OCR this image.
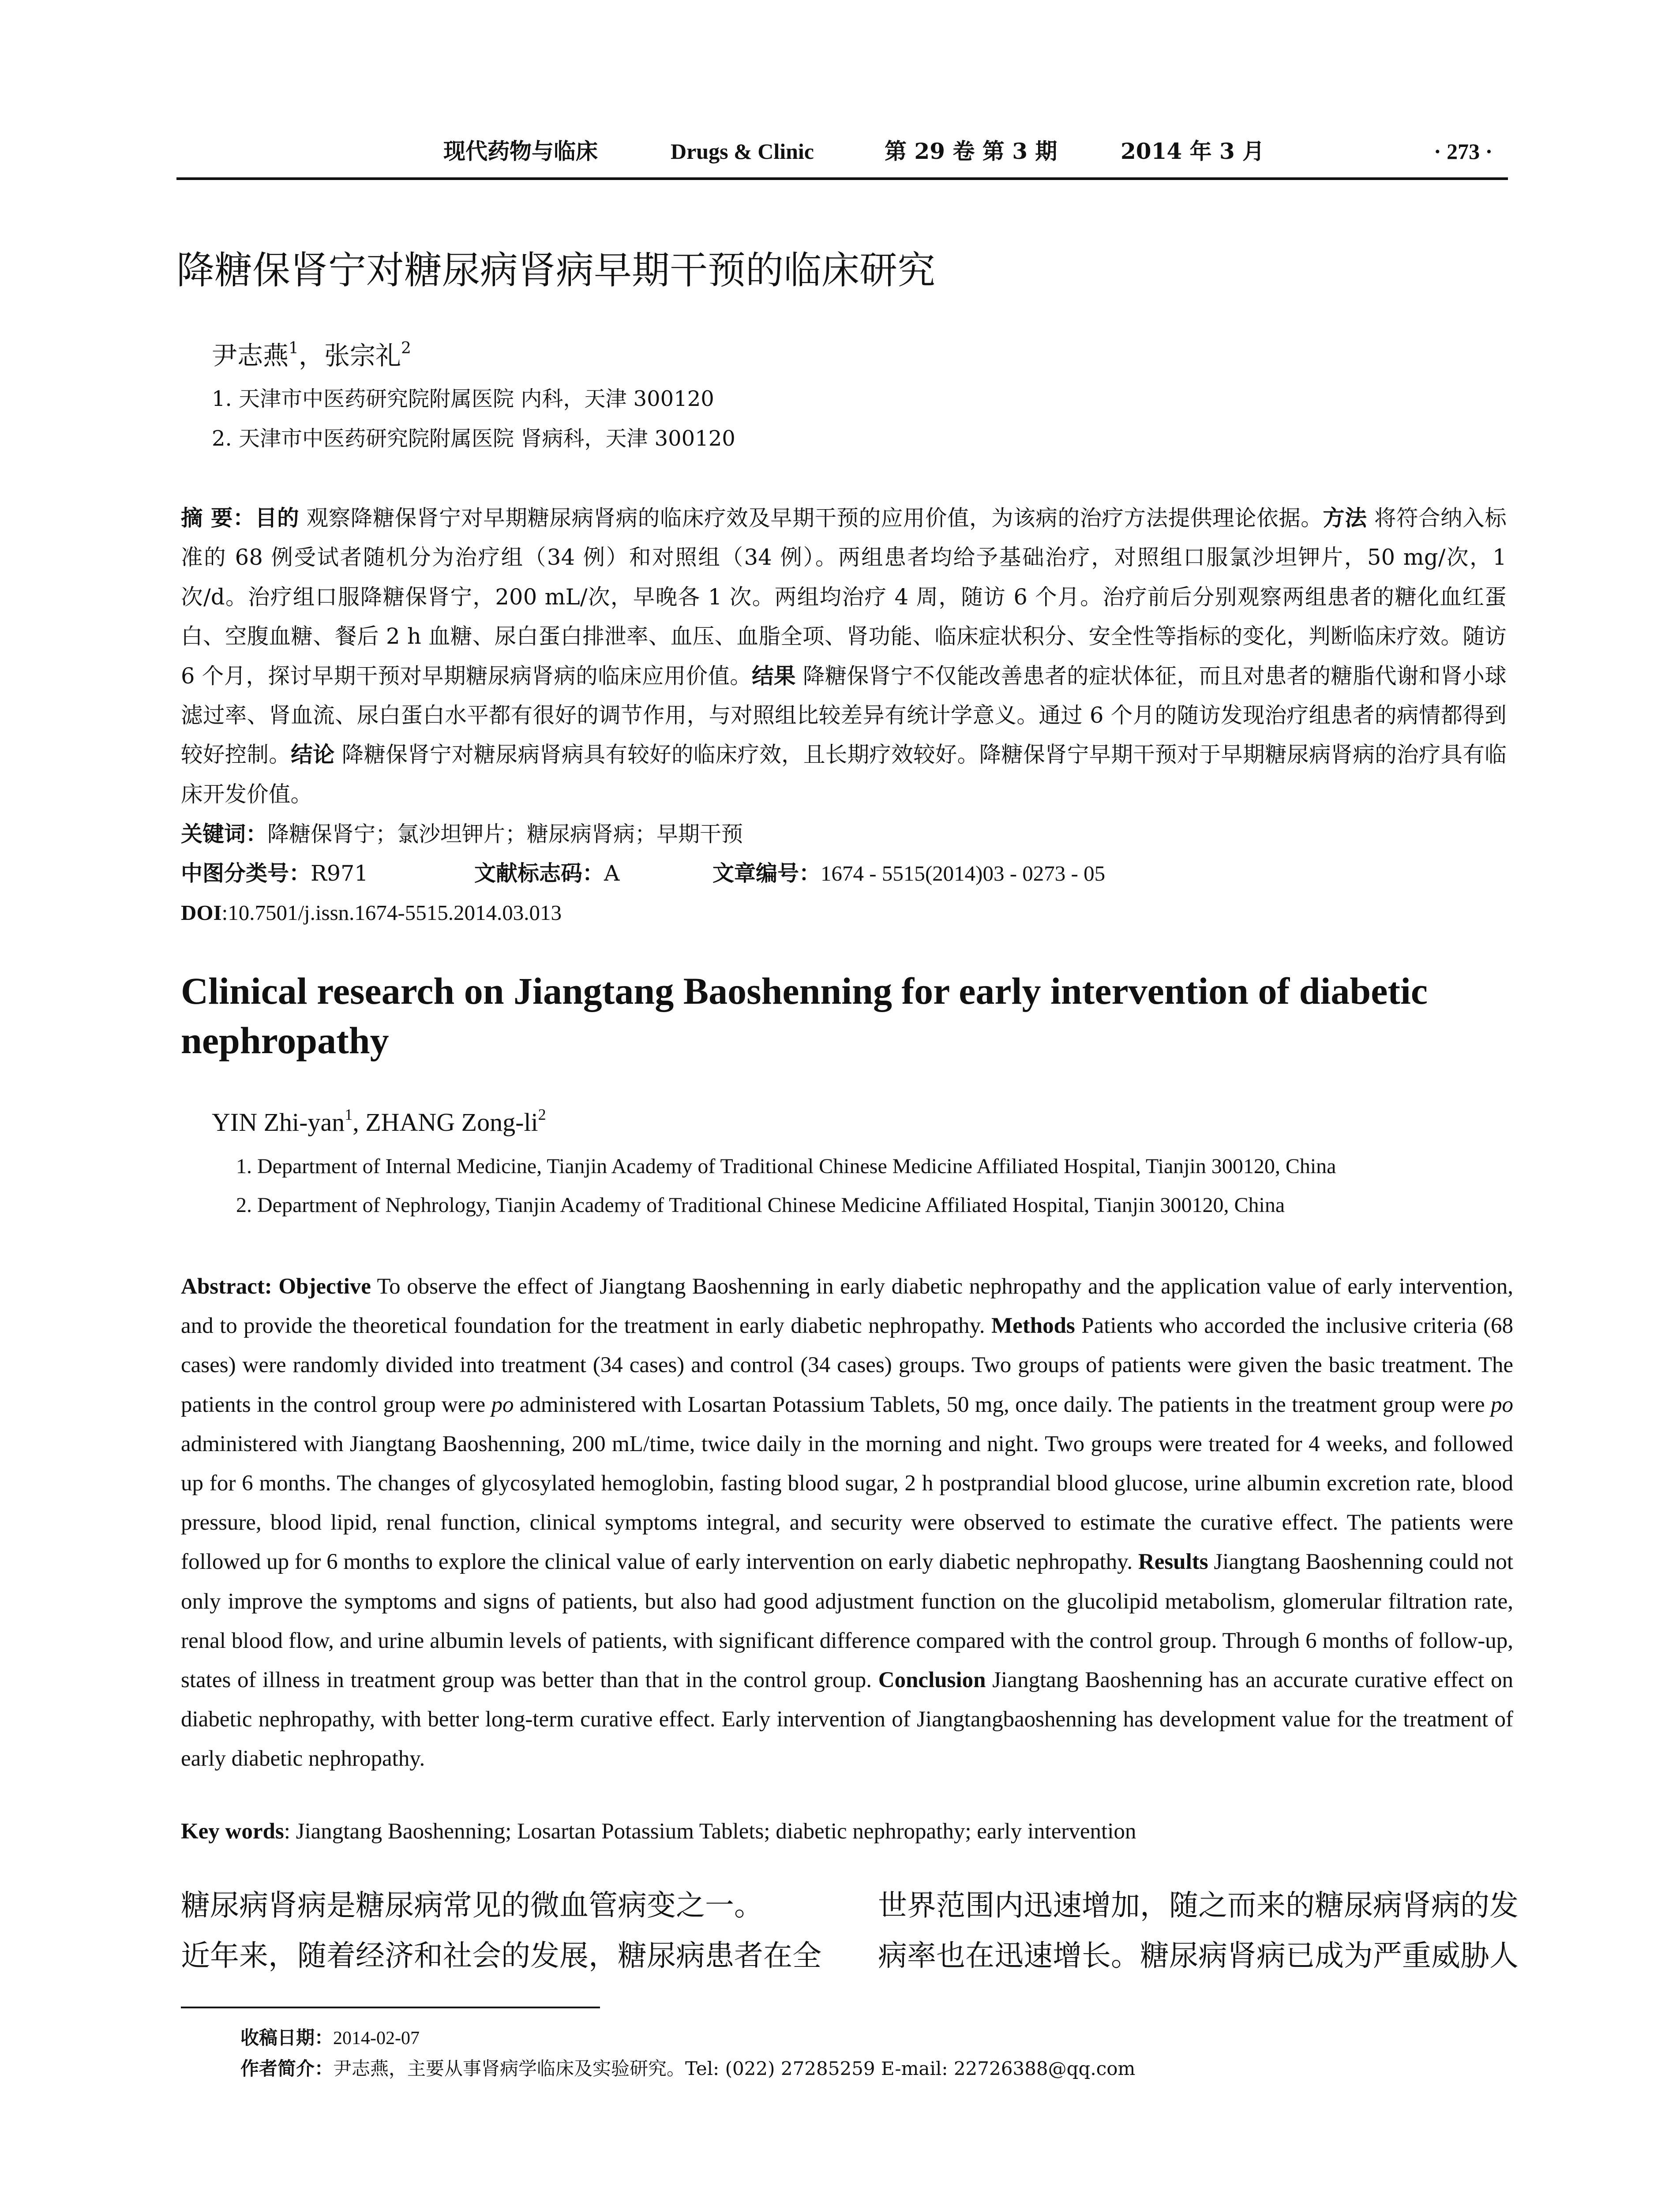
现代药物与临床	Drugs & Clinic	第 29 卷 第 3 期	2014 年 3 月	· 273 ·
降糖保肾宁对糖尿病肾病早期干预的临床研究
尹志燕$^1$，张宗礼$^2$
1. 天津市中医药研究院附属医院 内科，天津 300120
2. 天津市中医药研究院附属医院 肾病科，天津 300120
摘 要：目的 观察降糖保肾宁对早期糖尿病肾病的临床疗效及早期干预的应用价值，为该病的治疗方法提供理论依据。方法 将符合纳入标准的 68 例受试者随机分为治疗组（34 例）和对照组（34 例）。两组患者均给予基础治疗，对照组口服氯沙坦钾片，50 mg/次，1 次/d。治疗组口服降糖保肾宁，200 mL/次，早晚各 1 次。两组均治疗 4 周，随访 6 个月。治疗前后分别观察两组患者的糖化血红蛋白、空腹血糖、餐后 2 h 血糖、尿白蛋白排泄率、血压、血脂全项、肾功能、临床症状积分、安全性等指标的变化，判断临床疗效。随访 6 个月，探讨早期干预对早期糖尿病肾病的临床应用价值。结果 降糖保肾宁不仅能改善患者的症状体征，而且对患者的糖脂代谢和肾小球滤过率、肾血流、尿白蛋白水平都有很好的调节作用，与对照组比较差异有统计学意义。通过 6 个月的随访发现治疗组患者的病情都得到较好控制。结论 降糖保肾宁对糖尿病肾病具有较好的临床疗效，且长期疗效较好。降糖保肾宁早期干预对于早期糖尿病肾病的治疗具有临床开发价值。
关键词：降糖保肾宁；氯沙坦钾片；糖尿病肾病；早期干预
中图分类号：R971	文献标志码：A	文章编号：1674 - 5515(2014)03 - 0273 - 05
DOI:10.7501/j.issn.1674-5515.2014.03.013
Clinical research on Jiangtang Baoshenning for early intervention of diabetic nephropathy
YIN Zhi-yan$^1$, ZHANG Zong-$li^2$
1. Department of Internal Medicine, Tianjin Academy of Traditional Chinese Medicine Affiliated Hospital, Tianjin 300120, China
2. Department of Nephrology, Tianjin Academy of Traditional Chinese Medicine Affiliated Hospital, Tianjin 300120, China
Abstract: Objective To observe the effect of Jiangtang Baoshenning in early diabetic nephropathy and the application value of early intervention, and to provide the theoretical foundation for the treatment in early diabetic nephropathy. Methods Patients who accorded the inclusive criteria (68 cases) were randomly divided into treatment (34 cases) and control (34 cases) groups. Two groups of patients were given the basic treatment. The patients in the control group were po administered with Losartan Potassium Tablets, 50 mg, once daily. The patients in the treatment group were po administered with Jiangtang Baoshenning, 200 mL/time, twice daily in the morning and night. Two groups were treated for 4 weeks, and followed up for 6 months. The changes of glycosylated hemoglobin, fasting blood sugar, 2 h postprandial blood glucose, urine albumin excretion rate, blood pressure, blood lipid, renal function, clinical symptoms integral, and security were observed to estimate the curative effect. The patients were followed up for 6 months to explore the clinical value of early intervention on early diabetic nephropathy. Results Jiangtang Baoshenning could not only improve the symptoms and signs of patients, but also had good adjustment function on the glucolipid metabolism, glomerular filtration rate, renal blood flow, and urine albumin levels of patients, with significant difference compared with the control group. Through 6 months of follow-up, states of illness in treatment group was better than that in the control group. Conclusion Jiangtang Baoshenning has an accurate curative effect on diabetic nephropathy, with better long-term curative effect. Early intervention of Jiangtangbaoshenning has development value for the treatment of early diabetic nephropathy.
Key words: Jiangtang Baoshenning; Losartan Potassium Tablets; diabetic nephropathy; early intervention
糖尿病肾病是糖尿病常见的微血管病变之一。
近年来，随着经济和社会的发展，糖尿病患者在全
世界范围内迅速增加，随之而来的糖尿病肾病的发
病率也在迅速增长。糖尿病肾病已成为严重威胁人
收稿日期：2014-02-07
作者简介：尹志燕，主要从事肾病学临床及实验研究。Tel: (022) 27285259 E-mail: 22726388@qq.com
